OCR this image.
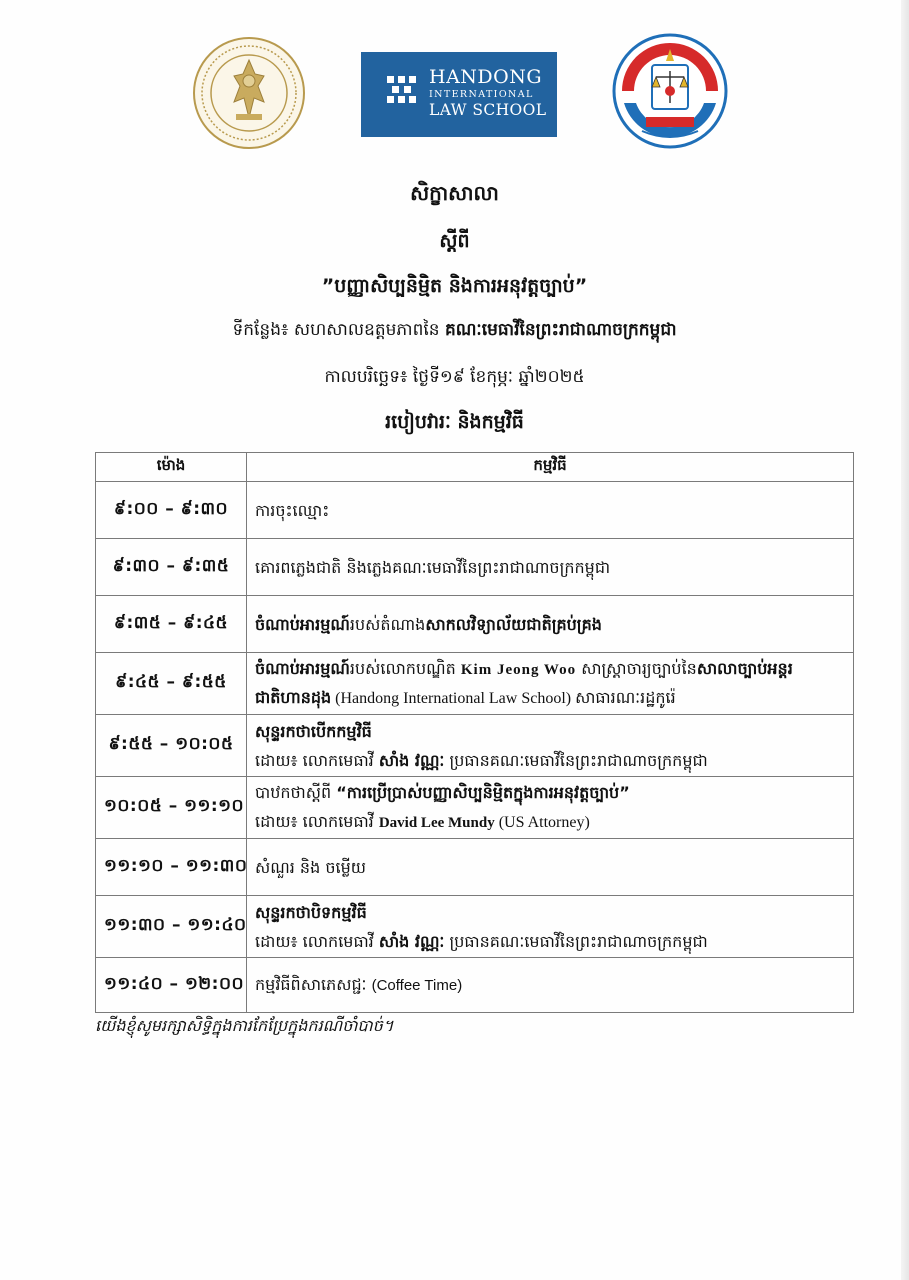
HANDONG
INTERNATIONAL
LAW SCHOOL
សិក្ខាសាលា
ស្តីពី
”បញ្ញាសិប្បនិម្មិត និងការអនុវត្តច្បាប់”
ទីកន្លែង៖ សហសាលឧត្តមភាពនៃ គណៈមេធាវីនៃព្រះរាជាណាចក្រកម្ពុជា
កាលបរិច្ឆេទ៖ ថ្ងៃទី១៩ ខែកុម្ភៈ ឆ្នាំ២០២៥
របៀបវារៈ និងកម្មវិធី
ម៉ោង	កម្មវិធី
៩:០០ – ៩:៣០	ការចុះឈ្មោះ
៩:៣០ – ៩:៣៥	គោរពភ្លេងជាតិ និងភ្លេងគណៈមេធាវីនៃព្រះរាជាណាចក្រកម្ពុជា
៩:៣៥ – ៩:៤៥	ចំណាប់អារម្មណ៍របស់តំណាងសាកលវិទ្យាល័យជាតិគ្រប់គ្រង
៩:៤៥ – ៩:៥៥	ចំណាប់អារម្មណ៍របស់លោកបណ្ឌិត Kim Jeong Woo សាស្ត្រាចារ្យច្បាប់នៃសាលាច្បាប់អន្តរជាតិហានដុង (Handong International Law School) សាធារណៈរដ្ឋកូរ៉េ
៩:៥៥ – ១០:០៥	សុន្ទរកថាបើកកម្មវិធី
ដោយ៖ លោកមេធាវី សាំង វណ្ណៈ ប្រធានគណៈមេធាវីនៃព្រះរាជាណាចក្រកម្ពុជា

១០:០៥ – ១១:១០	បាឋកថាស្តីពី “ការប្រើប្រាស់បញ្ញាសិប្បនិម្មិតក្នុងការអនុវត្តច្បាប់”
ដោយ៖ លោកមេធាវី David Lee Mundy (US Attorney)

១១:១០ – ១១:៣០	សំណួរ និង ចម្លើយ
១១:៣០ – ១១:៤០	សុន្ទរកថាបិទកម្មវិធី
ដោយ៖ លោកមេធាវី សាំង វណ្ណៈ ប្រធានគណៈមេធាវីនៃព្រះរាជាណាចក្រកម្ពុជា

១១:៤០ – ១២:០០	កម្មវិធីពិសាភេសជ្ជៈ (Coffee Time)
យើងខ្ញុំសូមរក្សាសិទ្ធិក្នុងការកែប្រែក្នុងករណីចាំបាច់។
